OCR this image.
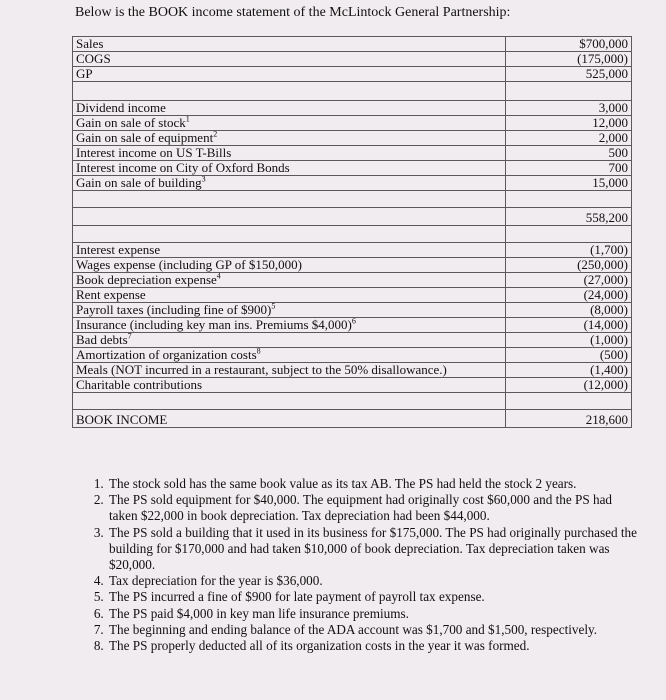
Below is the BOOK income statement of the McLintock General Partnership:
Sales	$700,000
COGS	(175,000)
GP	525,000

Dividend income	3,000
Gain on sale of stock$^1$	12,000
Gain on sale of equipment$^2$	2,000
Interest income on US T-Bills	500
Interest income on City of Oxford Bonds	700
Gain on sale of building$^3$	15,000

	558,200

Interest expense	(1,700)
Wages expense (including GP of $150,000)	(250,000)
Book depreciation expense$^4$	(27,000)
Rent expense	(24,000)
Payroll taxes (including fine of $900)$^5$	(8,000)
Insurance (including key man ins. Premiums $4,000)$^6$	(14,000)
Bad debts$^7$	(1,000)
Amortization of organization costs$^8$	(500)
Meals (NOT incurred in a restaurant, subject to the 50% disallowance.)	(1,400)
Charitable contributions	(12,000)

BOOK INCOME	218,600
1. The stock sold has the same book value as its tax AB. The PS had held the stock 2 years.
2. The PS sold equipment for $40,000. The equipment had originally cost $60,000 and the PS had taken $22,000 in book depreciation. Tax depreciation had been $44,000.
3. The PS sold a building that it used in its business for $175,000. The PS had originally purchased the building for $170,000 and had taken $10,000 of book depreciation. Tax depreciation taken was $20,000.
4. Tax depreciation for the year is $36,000.
5. The PS incurred a fine of $900 for late payment of payroll tax expense.
6. The PS paid $4,000 in key man life insurance premiums.
7. The beginning and ending balance of the ADA account was $1,700 and $1,500, respectively.
8. The PS properly deducted all of its organization costs in the year it was formed.
